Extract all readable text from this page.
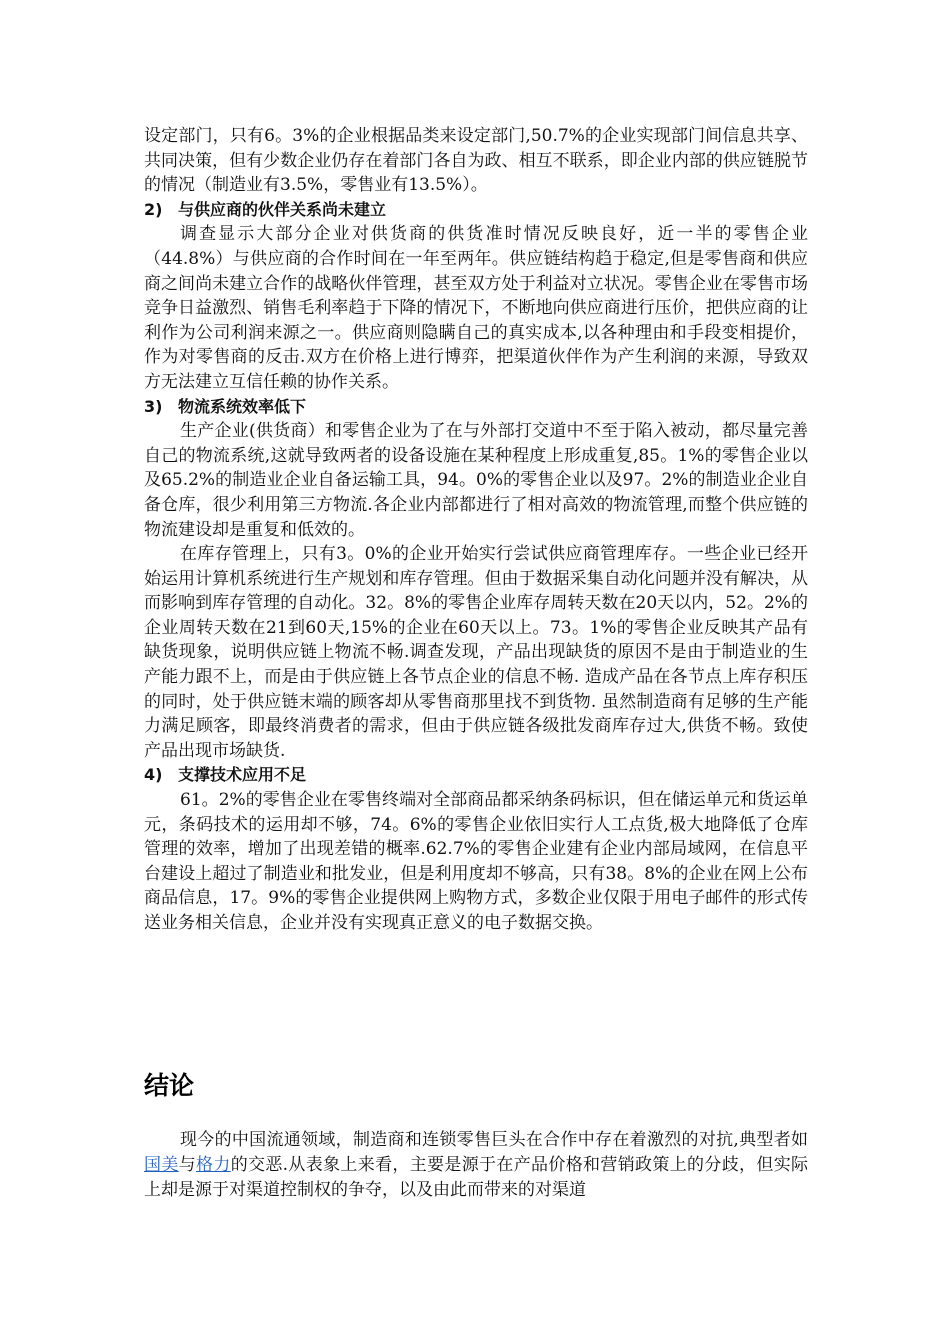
设定部门，只有6。3%的企业根据品类来设定部门,50.7%的企业实现部门间信息共享、共同决策，但有少数企业仍存在着部门各自为政、相互不联系，即企业内部的供应链脱节的情况（制造业有3.5%，零售业有13.5%）。

2) 与供应商的伙伴关系尚未建立

调查显示大部分企业对供货商的供货准时情况反映良好，近一半的零售企业（44.8%）与供应商的合作时间在一年至两年。供应链结构趋于稳定,但是零售商和供应商之间尚未建立合作的战略伙伴管理，甚至双方处于利益对立状况。零售企业在零售市场竞争日益激烈、销售毛利率趋于下降的情况下，不断地向供应商进行压价，把供应商的让利作为公司利润来源之一。供应商则隐瞒自己的真实成本,以各种理由和手段变相提价，作为对零售商的反击.双方在价格上进行博弈，把渠道伙伴作为产生利润的来源，导致双方无法建立互信任赖的协作关系。

3) 物流系统效率低下

生产企业(供货商）和零售企业为了在与外部打交道中不至于陷入被动，都尽量完善自己的物流系统,这就导致两者的设备设施在某种程度上形成重复,85。1%的零售企业以及65.2%的制造业企业自备运输工具，94。0%的零售企业以及97。2%的制造业企业自备仓库，很少利用第三方物流.各企业内部都进行了相对高效的物流管理,而整个供应链的物流建设却是重复和低效的。

在库存管理上，只有3。0%的企业开始实行尝试供应商管理库存。一些企业已经开始运用计算机系统进行生产规划和库存管理。但由于数据采集自动化问题并没有解决，从而影响到库存管理的自动化。32。8%的零售企业库存周转天数在20天以内，52。2%的企业周转天数在21到60天,15%的企业在60天以上。73。1%的零售企业反映其产品有缺货现象，说明供应链上物流不畅.调查发现，产品出现缺货的原因不是由于制造业的生产能力跟不上，而是由于供应链上各节点企业的信息不畅. 造成产品在各节点上库存积压的同时，处于供应链末端的顾客却从零售商那里找不到货物. 虽然制造商有足够的生产能力满足顾客，即最终消费者的需求，但由于供应链各级批发商库存过大,供货不畅。致使产品出现市场缺货.

4) 支撑技术应用不足

61。2%的零售企业在零售终端对全部商品都采纳条码标识，但在储运单元和货运单元，条码技术的运用却不够，74。6%的零售企业依旧实行人工点货,极大地降低了仓库管理的效率，增加了出现差错的概率.62.7%的零售企业建有企业内部局域网，在信息平台建设上超过了制造业和批发业，但是利用度却不够高，只有38。8%的企业在网上公布商品信息，17。9%的零售企业提供网上购物方式，多数企业仅限于用电子邮件的形式传送业务相关信息，企业并没有实现真正意义的电子数据交换。

结论

现今的中国流通领域，制造商和连锁零售巨头在合作中存在着激烈的对抗,典型者如国美与格力的交恶.从表象上来看，主要是源于在产品价格和营销政策上的分歧，但实际上却是源于对渠道控制权的争夺，以及由此而带来的对渠道
